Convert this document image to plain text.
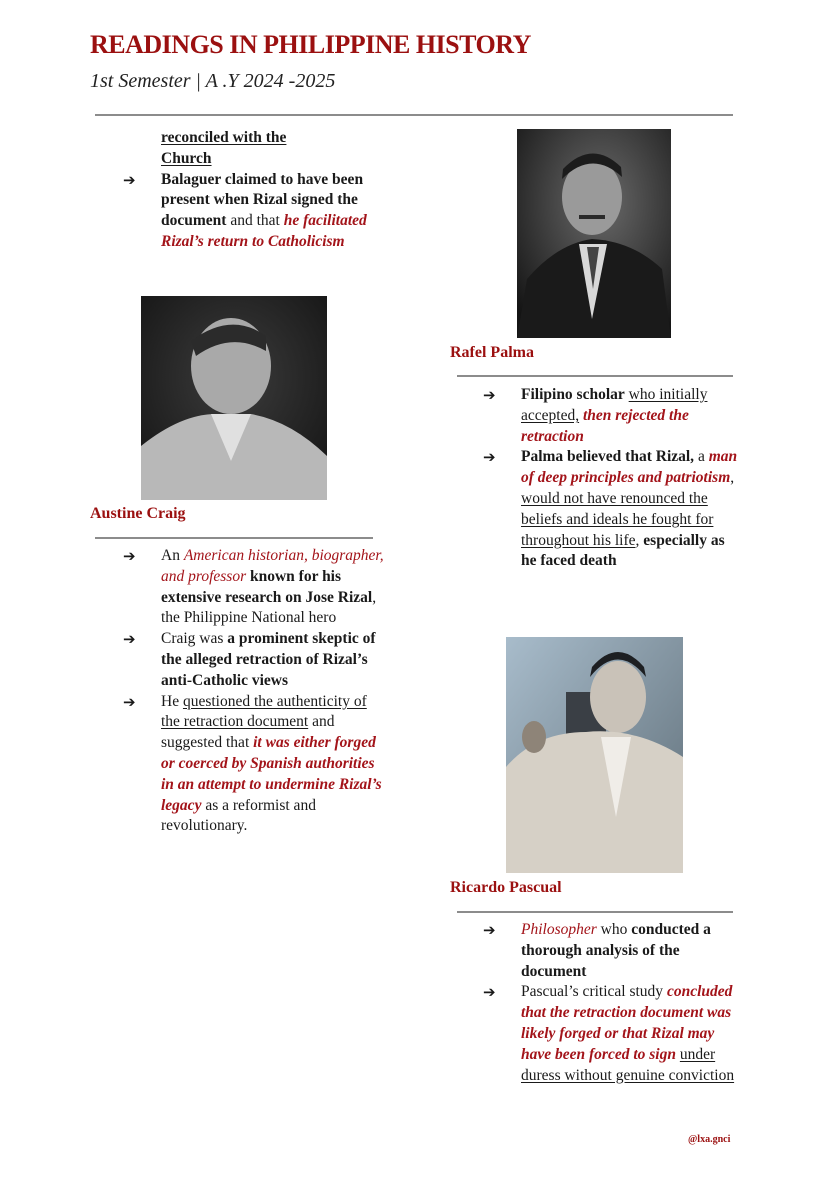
READINGS IN PHILIPPINE HISTORY
1st Semester | A .Y 2024 -2025
reconciled with the
Church
➔ Balaguer claimed to have been present when Rizal signed the document and that he facilitated Rizal’s return to Catholicism
Austine Craig
➔ An American historian, biographer, and professor known for his extensive research on Jose Rizal, the Philippine National hero
➔ Craig was a prominent skeptic of the alleged retraction of Rizal’s anti-Catholic views
➔ He questioned the authenticity of the retraction document and suggested that it was either forged or coerced by Spanish authorities in an attempt to undermine Rizal’s legacy as a reformist and revolutionary.
Rafel Palma
➔ Filipino scholar who initially accepted, then rejected the retraction
➔ Palma believed that Rizal, a man of deep principles and patriotism, would not have renounced the beliefs and ideals he fought for throughout his life, especially as he faced death
Ricardo Pascual
➔ Philosopher who conducted a thorough analysis of the document
➔ Pascual’s critical study concluded that the retraction document was likely forged or that Rizal may have been forced to sign under duress without genuine conviction
@lxa.gnci
